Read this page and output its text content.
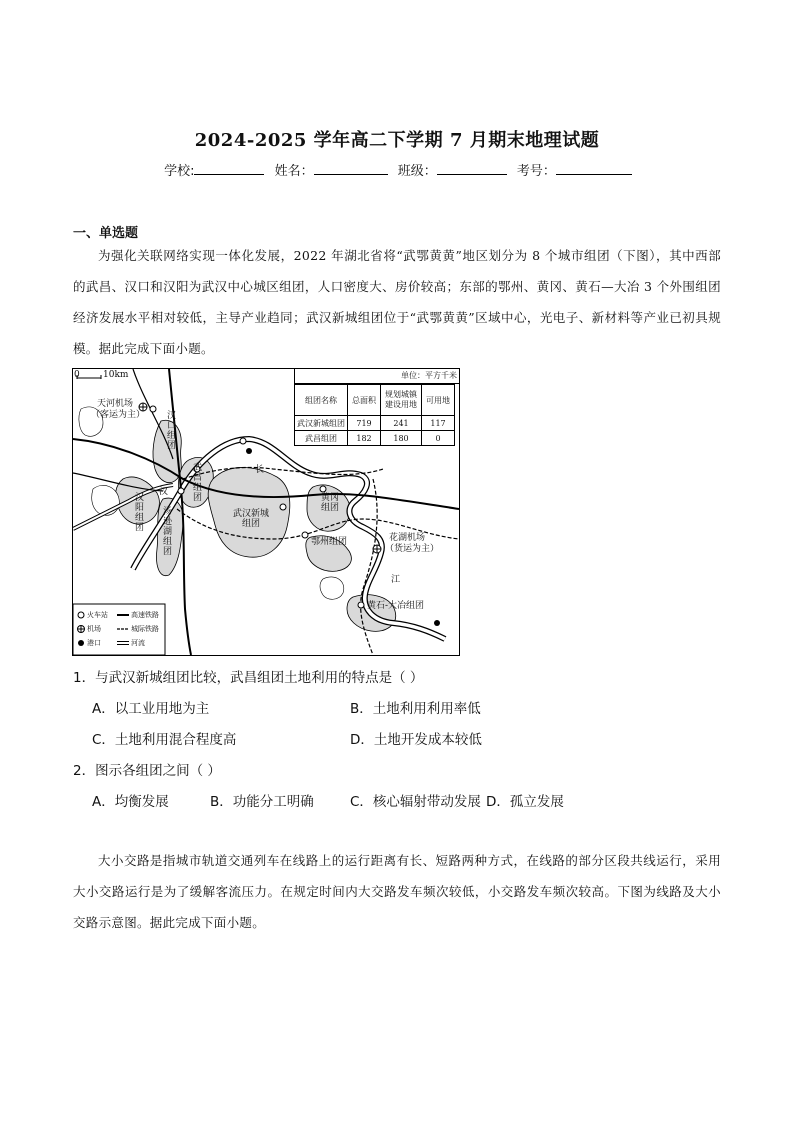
2024-2025 学年高二下学期 7 月期末地理试题
学校:	姓名：	班级：	考号：
一、单选题
为强化关联网络实现一体化发展，2022 年湖北省将“武鄂黄黄”地区划分为 8 个城市组团（下图），其中西部的武昌、汉口和汉阳为武汉中心城区组团，人口密度大、房价较高；东部的鄂州、黄冈、黄石—大冶 3 个外围组团经济发展水平相对较低，主导产业趋同；武汉新城组团位于“武鄂黄黄”区域中心，光电子、新材料等产业已初具规模。据此完成下面小题。
0	10km	单位：平方千米
组团名称	总面积	规划城镇建设用地	可用地
武汉新城组团	719	241	117
武昌组团	182	180	0
天河机场
（客运为主） 汉口组团
武昌组团
汉
汉阳组团
汤逊湖组团
武汉新城组团
长
黄冈组团
鄂州组团	花湖机场
（货运为主）
江
黄石-大冶组团
火车站	高速铁路
机场	城际铁路
港口	河流
1．与武汉新城组团比较，武昌组团土地利用的特点是（ ）
A．以工业用地为主	B．土地利用利用率低
C．土地利用混合程度高	D．土地开发成本较低
2．图示各组团之间（ ）
A．均衡发展	B．功能分工明确	C．核心辐射带动发展 D．孤立发展
大小交路是指城市轨道交通列车在线路上的运行距离有长、短路两种方式，在线路的部分区段共线运行，采用大小交路运行是为了缓解客流压力。在规定时间内大交路发车频次较低，小交路发车频次较高。下图为线路及大小交路示意图。据此完成下面小题。
